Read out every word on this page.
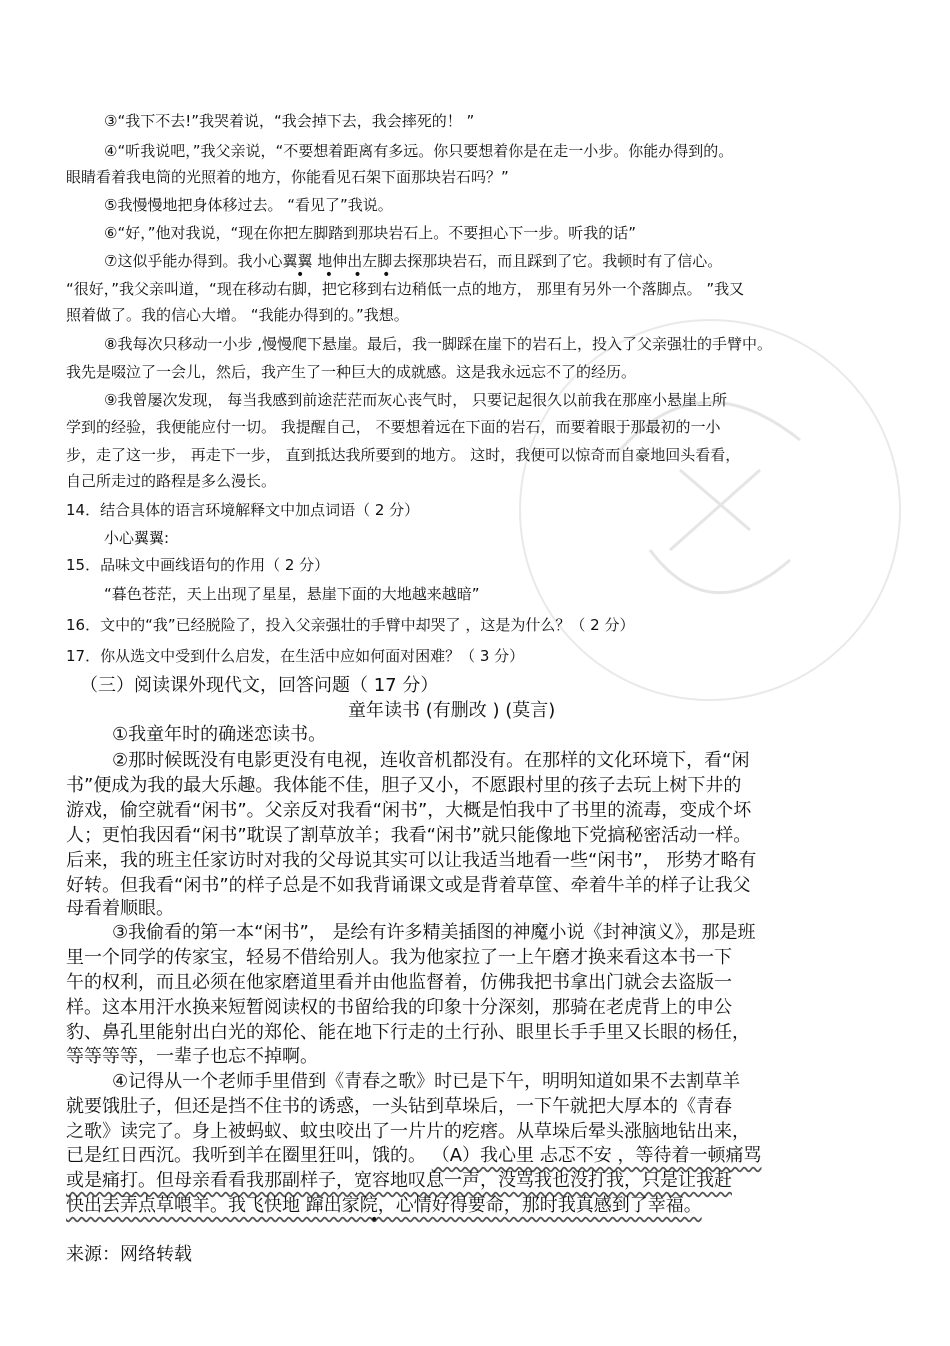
③“我下不去!”我哭着说，“我会掉下去，我会摔死的！ ”
④“听我说吧，”我父亲说，“不要想着距离有多远。你只要想着你是在走一小步。你能办得到的。
眼睛看着我电筒的光照着的地方，你能看见石架下面那块岩石吗？”
⑤我慢慢地把身体移过去。 “看见了”我说。
⑥“好，”他对我说，“现在你把左脚踏到那块岩石上。不要担心下一步。听我的话”
⑦这似乎能办得到。我小心翼翼 地伸出左脚去探那块岩石，而且踩到了它。我顿时有了信心。
• • • •
“很好，”我父亲叫道，“现在移动右脚，把它移到右边稍低一点的地方， 那里有另外一个落脚点。 ”我又
照着做了。我的信心大增。 “我能办得到的。”我想。
⑧我每次只移动一小步 ,慢慢爬下悬崖。最后，我一脚踩在崖下的岩石上，投入了父亲强壮的手臂中。
我先是啜泣了一会儿，然后，我产生了一种巨大的成就感。这是我永远忘不了的经历。
⑨我曾屡次发现， 每当我感到前途茫茫而灰心丧气时， 只要记起很久以前我在那座小悬崖上所
学到的经验，我便能应付一切。 我提醒自己， 不要想着远在下面的岩石，而要着眼于那最初的一小
步，走了这一步， 再走下一步， 直到抵达我所要到的地方。 这时，我便可以惊奇而自豪地回头看看，
自己所走过的路程是多么漫长。
14．结合具体的语言环境解释文中加点词语（ 2 分）
小心翼翼:
15．品味文中画线语句的作用（ 2 分）
“暮色苍茫，天上出现了星星，悬崖下面的大地越来越暗”
16．文中的“我”已经脱险了，投入父亲强壮的手臂中却哭了 ，这是为什么？（ 2 分）
17．你从选文中受到什么启发，在生活中应如何面对困难？（ 3 分）
（三）阅读课外现代文，回答问题（ 17 分）
童年读书 (有删改 ) (莫言)
①我童年时的确迷恋读书。
②那时候既没有电影更没有电视，连收音机都没有。在那样的文化环境下，看“闲
书”便成为我的最大乐趣。我体能不佳，胆子又小，不愿跟村里的孩子去玩上树下井的
游戏，偷空就看“闲书”。父亲反对我看“闲书”，大概是怕我中了书里的流毒，变成个坏
人；更怕我因看“闲书”耽误了割草放羊；我看“闲书”就只能像地下党搞秘密活动一样。
后来，我的班主任家访时对我的父母说其实可以让我适当地看一些“闲书”， 形势才略有
好转。但我看“闲书”的样子总是不如我背诵课文或是背着草筐、牵着牛羊的样子让我父
母看着顺眼。
③我偷看的第一本“闲书”， 是绘有许多精美插图的神魔小说《封神演义》，那是班
里一个同学的传家宝，轻易不借给别人。我为他家拉了一上午磨才换来看这本书一下
午的权利，而且必须在他家磨道里看并由他监督着，仿佛我把书拿出门就会去盗版一
样。这本用汗水换来短暂阅读权的书留给我的印象十分深刻，那骑在老虎背上的申公
豹、鼻孔里能射出白光的郑伦、能在地下行走的土行孙、眼里长手手里又长眼的杨任，
等等等等，一辈子也忘不掉啊。
④记得从一个老师手里借到《青春之歌》时已是下午，明明知道如果不去割草羊
就要饿肚子，但还是挡不住书的诱惑，一头钻到草垛后，一下午就把大厚本的《青春
之歌》读完了。身上被蚂蚁、蚊虫咬出了一片片的疙瘩。从草垛后晕头涨脑地钻出来，
已是红日西沉。我听到羊在圈里狂叫，饿的。 （A）我心里 忐忑不安 ，等待着一顿痛骂
或是痛打。但母亲看看我那副样子，宽容地叹息一声，没骂我也没打我，只是让我赶
快出去弄点草喂羊。我飞快地 蹿出家院，心情好得要命，那时我真感到了幸福。
•
来源：网络转载
